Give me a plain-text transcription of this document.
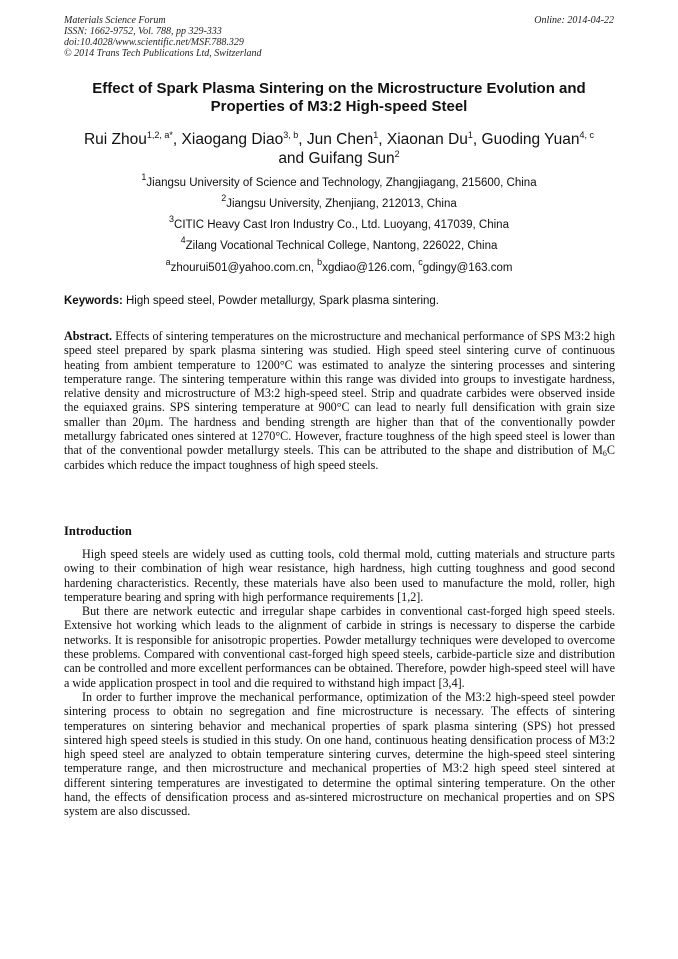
Materials Science Forum
ISSN: 1662-9752, Vol. 788, pp 329-333
doi:10.4028/www.scientific.net/MSF.788.329
© 2014 Trans Tech Publications Ltd, Switzerland
Online: 2014-04-22
Effect of Spark Plasma Sintering on the Microstructure Evolution and
Properties of M3:2 High-speed Steel
Rui Zhou$^{1,2, a*}$, Xiaogang Diao$^{3, b}$, Jun Chen$^1$, Xiaonan Du$^1$, Guoding Yuan$^{4, c}$
and Guifang Sun$^2$
$^1$Jiangsu University of Science and Technology, Zhangjiagang, 215600, China
$^2$Jiangsu University, Zhenjiang, 212013, China
$^3$CITIC Heavy Cast Iron Industry Co., Ltd. Luoyang, 417039, China
$^4$Zilang Vocational Technical College, Nantong, 226022, China
$^a$zhourui501@yahoo.com.cn, $^b$xgdiao@126.com, $^c$gdingy@163.com
Keywords: High speed steel, Powder metallurgy, Spark plasma sintering.

Abstract. Effects of sintering temperatures on the microstructure and mechanical performance of SPS M3:2 high speed steel prepared by spark plasma sintering was studied. High speed steel sintering curve of continuous heating from ambient temperature to 1200°C was estimated to analyze the sintering processes and sintering temperature range. The sintering temperature within this range was divided into groups to investigate hardness, relative density and microstructure of M3:2 high-speed steel. Strip and quadrate carbides were observed inside the equiaxed grains. SPS sintering temperature at 900°C can lead to nearly full densification with grain size smaller than 20μm. The hardness and bending strength are higher than that of the conventionally powder metallurgy fabricated ones sintered at 1270°C. However, fracture toughness of the high speed steel is lower than that of the conventional powder metallurgy steels. This can be attributed to the shape and distribution of $M_6C$ carbides which reduce the impact toughness of high speed steels.

Introduction

High speed steels are widely used as cutting tools, cold thermal mold, cutting materials and structure parts owing to their combination of high wear resistance, high hardness, high cutting toughness and good second hardening characteristics. Recently, these materials have also been used to manufacture the mold, roller, high temperature bearing and spring with high performance requirements [1,2].

But there are network eutectic and irregular shape carbides in conventional cast-forged high speed steels. Extensive hot working which leads to the alignment of carbide in strings is necessary to disperse the carbide networks. It is responsible for anisotropic properties. Powder metallurgy techniques were developed to overcome these problems. Compared with conventional cast-forged high speed steels, carbide-particle size and distribution can be controlled and more excellent performances can be obtained. Therefore, powder high-speed steel will have a wide application prospect in tool and die required to withstand high impact [3,4].

In order to further improve the mechanical performance, optimization of the M3:2 high-speed steel powder sintering process to obtain no segregation and fine microstructure is necessary. The effects of sintering temperatures on sintering behavior and mechanical properties of spark plasma sintering (SPS) hot pressed sintered high speed steels is studied in this study. On one hand, continuous heating densification process of M3:2 high speed steel are analyzed to obtain temperature sintering curves, determine the high-speed steel sintering temperature range, and then microstructure and mechanical properties of M3:2 high speed steel sintered at different sintering temperatures are investigated to determine the optimal sintering temperature. On the other hand, the effects of densification process and as-sintered microstructure on mechanical properties and on SPS system are also discussed.
